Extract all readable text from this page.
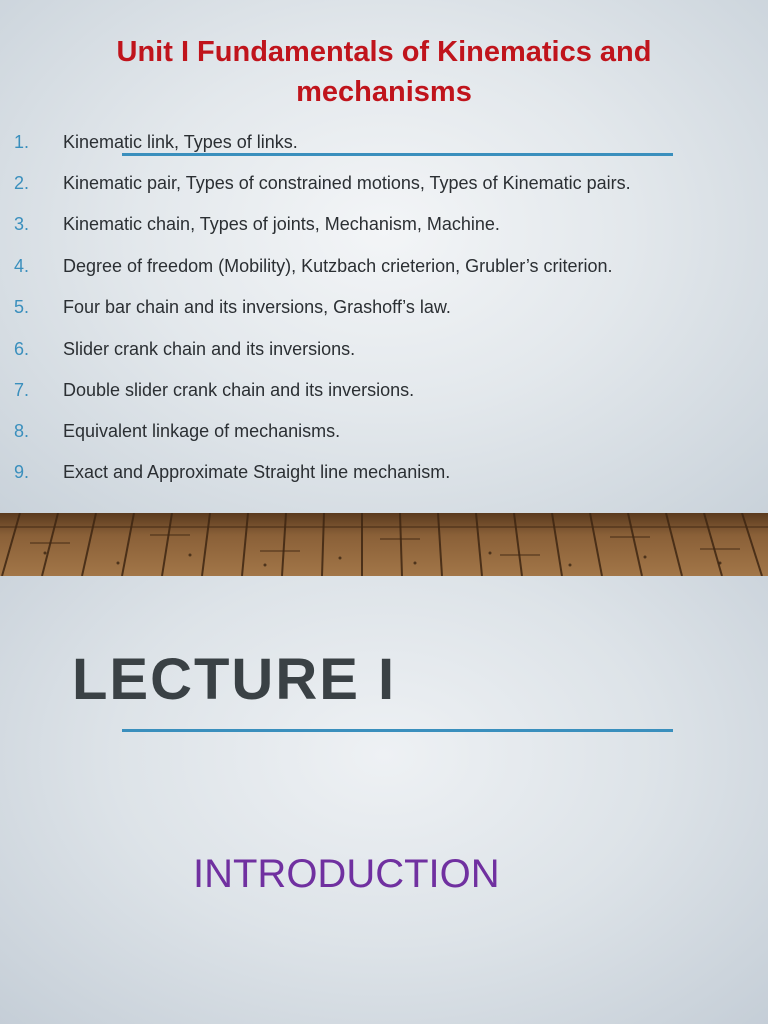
Unit I Fundamentals of Kinematics and
mechanisms
1.	Kinematic link, Types of links.
2.	Kinematic pair, Types of constrained motions, Types of Kinematic pairs.
3.	Kinematic chain, Types of joints, Mechanism, Machine.
4.	Degree of freedom (Mobility), Kutzbach crieterion, Grubler’s criterion.
5.	Four bar chain and its inversions, Grashoff’s law.
6.	Slider crank chain and its inversions.
7.	Double slider crank chain and its inversions.
8.	Equivalent linkage of mechanisms.
9.	Exact and Approximate Straight line mechanism.
LECTURE I
INTRODUCTION
